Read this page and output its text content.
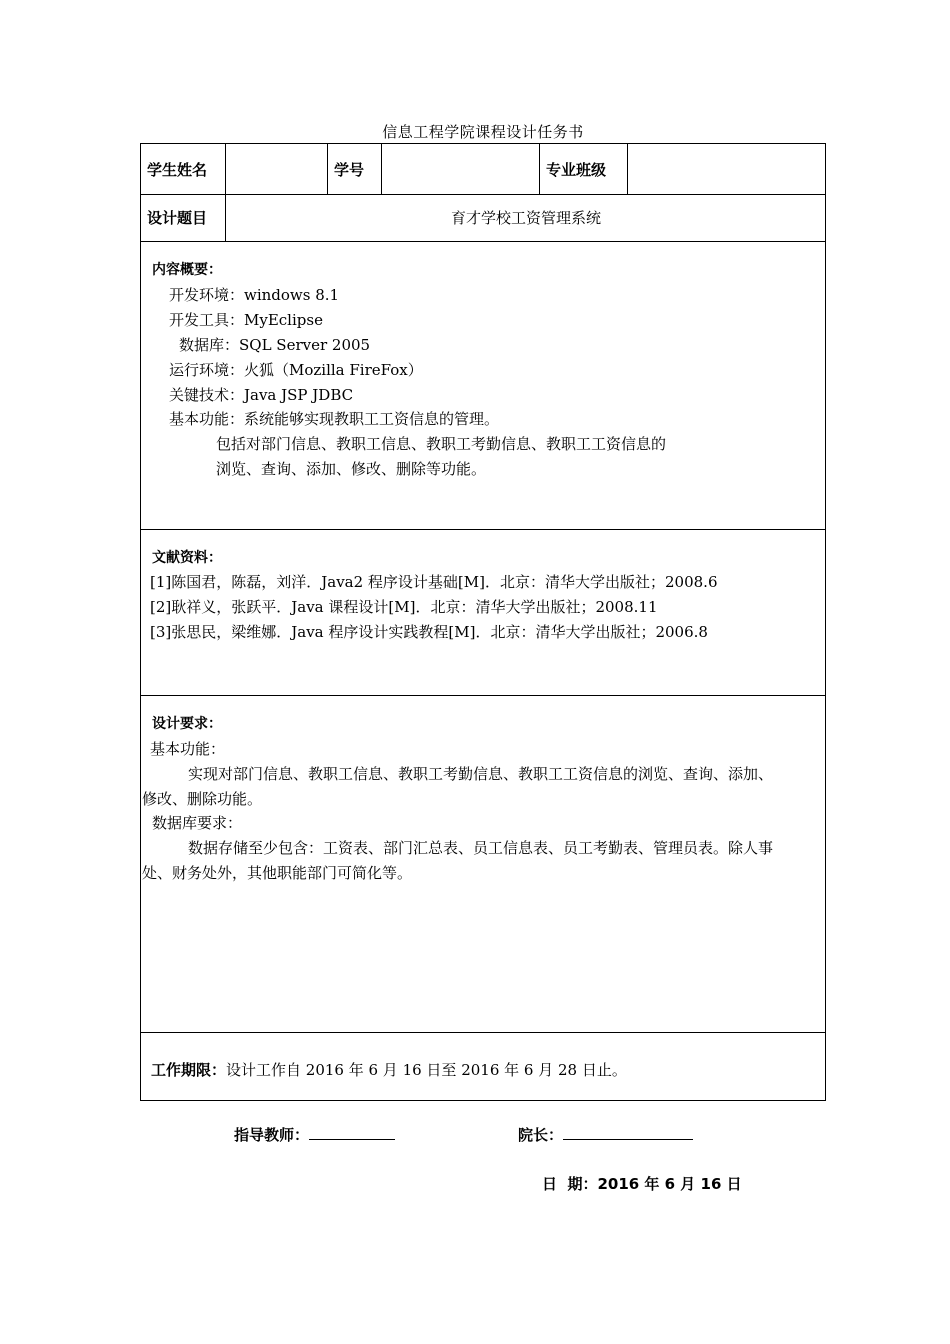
信息工程学院课程设计任务书
学生姓名	学号	专业班级
设计题目	育才学校工资管理系统
内容概要：
开发环境：windows 8.1
开发工具：MyEclipse
数据库：SQL Server 2005
运行环境：火狐（Mozilla FireFox）
关键技术：Java JSP JDBC
基本功能：系统能够实现教职工工资信息的管理。
包括对部门信息、教职工信息、教职工考勤信息、教职工工资信息的
浏览、查询、添加、修改、删除等功能。
文献资料：
[1]陈国君，陈磊，刘洋．Java2 程序设计基础[M]．北京：清华大学出版社；2008.6
[2]耿祥义，张跃平．Java 课程设计[M]．北京：清华大学出版社；2008.11
[3]张思民，梁维娜．Java 程序设计实践教程[M]．北京：清华大学出版社；2006.8
设计要求：
基本功能：
实现对部门信息、教职工信息、教职工考勤信息、教职工工资信息的浏览、查询、添加、
修改、删除功能。
数据库要求：
数据存储至少包含：工资表、部门汇总表、员工信息表、员工考勤表、管理员表。除人事
处、财务处外，其他职能部门可简化等。
工作期限：设计工作自 2016 年 6 月 16 日至 2016 年 6 月 28 日止。
指导教师：	院长：
日  期：2016 年 6 月 16 日
